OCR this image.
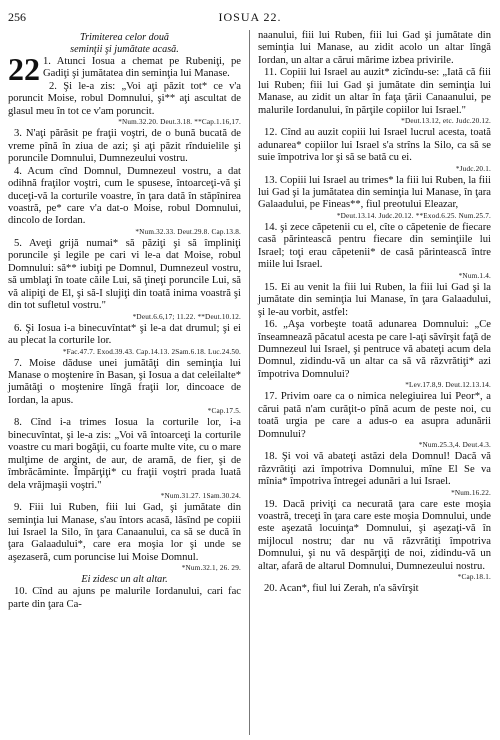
256	IOSUA 22.

Trimiterea celor două

seminţii şi jumătate acasă.

22 1. Atunci Iosua a chemat pe Rubeniţi, pe Gadiţi şi jumătatea din seminţia lui Manase.

2. Şi le-a zis: „Voi aţi păzit tot* ce v'a poruncit Moise, robul Domnului, şi** aţi ascultat de glasul meu în tot ce v'am poruncit.

*Num.32.20. Deut.3.18. **Cap.1.16,17.

3. N'aţi părăsit pe fraţii voştri, de o bună bucată de vreme pînă în ziua de azi; şi aţi păzit rînduielile şi poruncile Domnului, Dumnezeului vostru.

4. Acum cînd Domnul, Dumnezeul vostru, a dat odihnă fraţilor voştri, cum le spusese, întoarceţi-vă şi duceţi-vă la corturile voastre, în ţara dată în stăpînirea voastră, pe* care v'a dat-o Moise, robul Domnului, dincolo de Iordan.

*Num.32.33. Deut.29.8. Cap.13.8.

5. Aveţi grijă numai* să păziţi şi să împliniţi poruncile şi legile pe cari vi le-a dat Moise, robul Domnului: să** iubiţi pe Domnul, Dumnezeul vostru, să umblaţi în toate căile Lui, să ţineţi poruncile Lui, să vă alipiţi de El, şi să-I slujiţi din toată inima voastră şi din tot sufletul vostru."

*Deut.6.6,17; 11.22. **Deut.10.12.

6. Şi Iosua i-a binecuvîntat* şi le-a dat drumul; şi ei au plecat la corturile lor.

*Fac.47.7. Exod.39.43. Cap.14.13. 2Sam.6.18. Luc.24.50.

7. Moise dăduse unei jumătăţi din seminţia lui Manase o moştenire în Basan, şi Iosua a dat celeilalte* jumătăţi o moştenire lîngă fraţii lor, dincoace de Iordan, la apus.

*Cap.17.5.

8. Cînd i-a trimes Iosua la corturile lor, i-a binecuvîntat, şi le-a zis: „Voi vă întoarceţi la corturile voastre cu mari bogăţii, cu foarte multe vite, cu o mare mulţime de argint, de aur, de aramă, de fier, şi de îmbrăcăminte. Împărţiţi* cu fraţii voştri prada luată dela vrăjmaşii voştri."

*Num.31.27. 1Sam.30.24.

9. Fiii lui Ruben, fiii lui Gad, şi jumătate din seminţia lui Manase, s'au întors acasă, lăsînd pe copiii lui Israel la Silo, în ţara Canaanului, ca să se ducă în ţara Galaadului*, care era moşia lor şi unde se aşezaseră, cum poruncise lui Moise Domnul.

*Num.32.1, 26. 29.

Ei zidesc un alt altar.

10. Cînd au ajuns pe malurile Iordanului, cari fac parte din ţara Ca-

naanului, fiii lui Ruben, fiii lui Gad şi jumătate din seminţia lui Manase, au zidit acolo un altar lîngă Iordan, un altar a cărui mărime izbea privirile.

11. Copiii lui Israel au auzit* zicîndu-se: „Iată că fiii lui Ruben; fiii lui Gad şi jumătate din seminţia lui Manase, au zidit un altar în faţa ţării Canaanului, pe malurile Iordanului, în părţile copiilor lui Israel."

*Deut.13.12, etc. Judc.20.12.

12. Cînd au auzit copiii lui Israel lucrul acesta, toată adunarea* copiilor lui Israel s'a strîns la Silo, ca să se suie împotriva lor şi să se bată cu ei.

*Judc.20.1.

13. Copiii lui Israel au trimes* la fiii lui Ruben, la fiii lui Gad şi la jumătatea din seminţia lui Manase, în ţara Galaadului, pe Fineas**, fiul preotului Eleazar,

*Deut.13.14. Judc.20.12. **Exod.6.25. Num.25.7.

14. şi zece căpetenii cu el, cîte o căpetenie de fiecare casă părintească pentru fiecare din seminţiile lui Israel; toţi erau căpetenii* de casă părintească între miile lui Israel.

*Num.1.4.

15. Ei au venit la fiii lui Ruben, la fiii lui Gad şi la jumătate din seminţia lui Manase, în ţara Galaadului, şi le-au vorbit, astfel:

16. „Aşa vorbeşte toată adunarea Domnului: „Ce înseamnează păcatul acesta pe care l-aţi săvîrşit faţă de Dumnezeul lui Israel, şi pentruce vă abateţi acum dela Domnul, zidindu-vă un altar ca să vă răzvrătiţi* azi împotriva Domnului?

*Lev.17.8,9. Deut.12.13.14.

17. Privim oare ca o nimica nelegiuirea lui Peor*, a cărui pată n'am curăţit-o pînă acum de peste noi, cu toată urgia pe care a adus-o ea asupra adunării Domnului?

*Num.25.3,4. Deut.4.3.

18. Şi voi vă abateţi astăzi dela Domnul! Dacă vă răzvrătiţi azi împotriva Domnului, mîne El Se va mînia* împotriva întregei adunări a lui Israel.

*Num.16.22.

19. Dacă priviţi ca necurată ţara care este moşia voastră, treceţi în ţara care este moşia Domnului, unde este aşezată locuinţa* Domnului, şi aşezaţi-vă în mijlocul nostru; dar nu vă răzvrătiţi împotriva Domnului, şi nu vă despărţiţi de noi, zidindu-vă un altar, afară de altarul Domnului, Dumnezeului nostru.

*Cap.18.1.

20. Acan*, fiul lui Zerah, n'a săvîrşit
